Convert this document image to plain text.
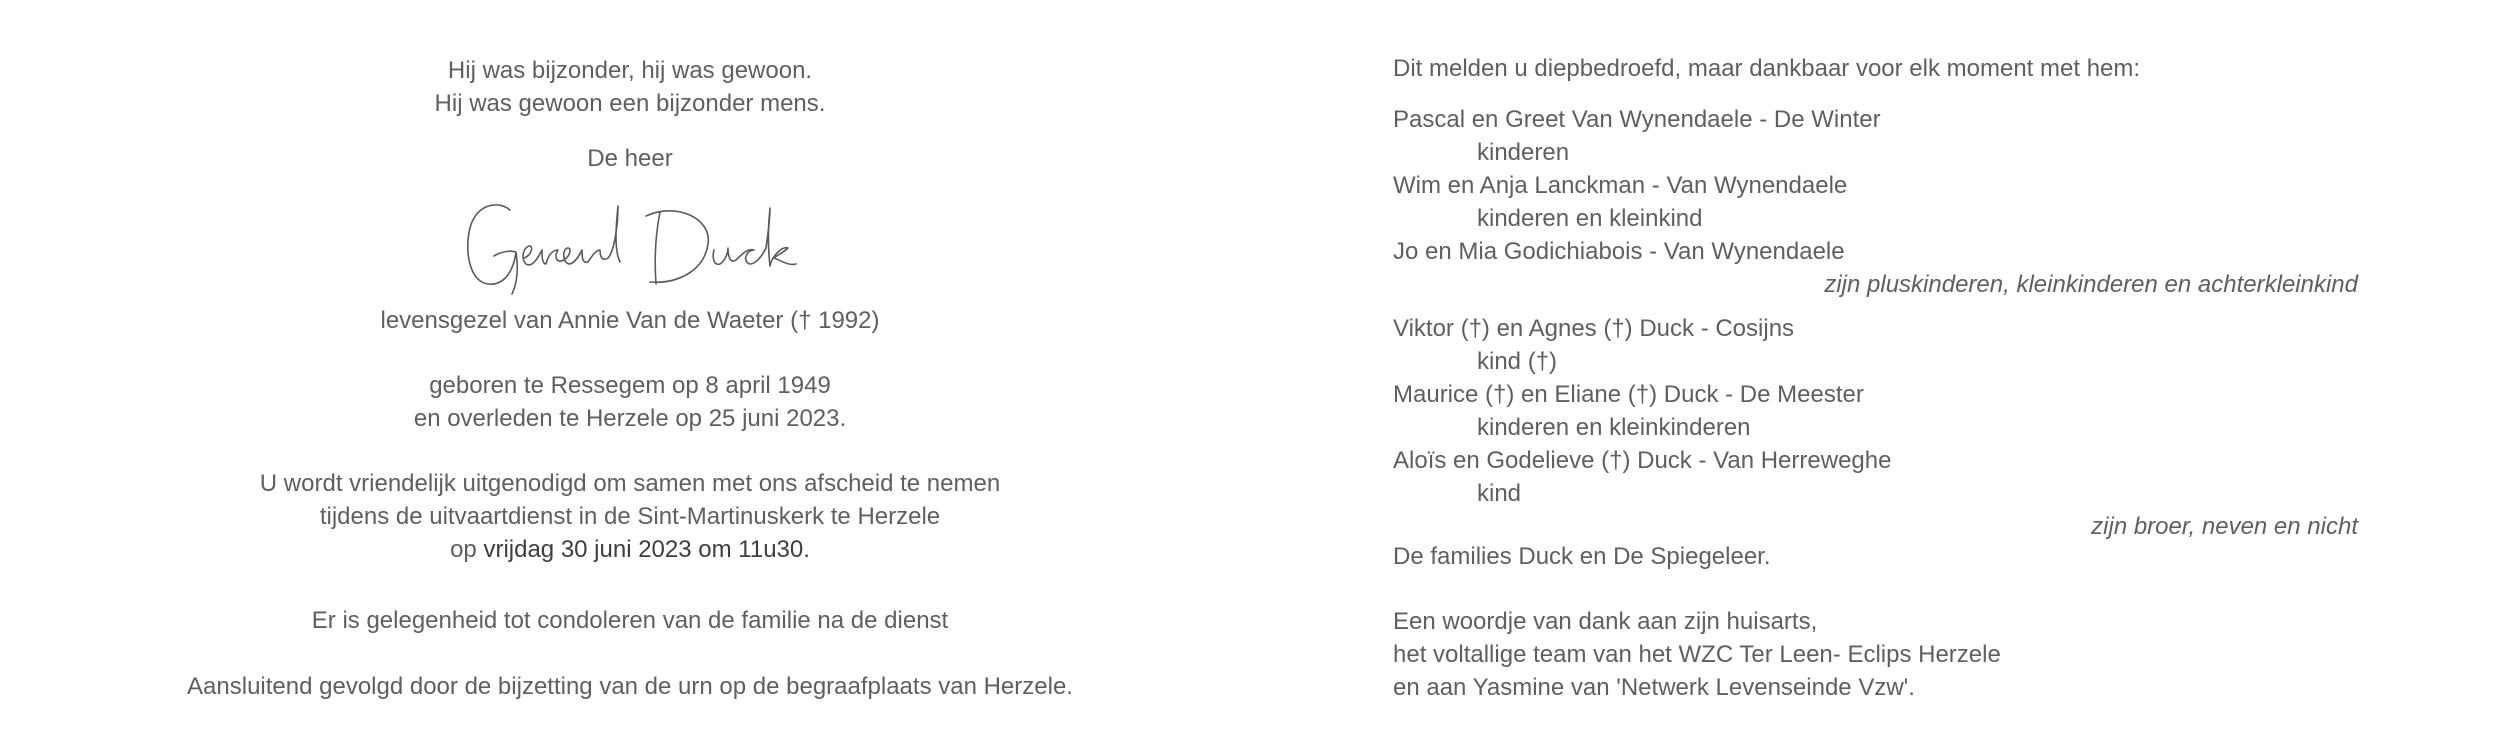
Hij was bijzonder, hij was gewoon.
Hij was gewoon een bijzonder mens.
De heer
levensgezel van Annie Van de Waeter († 1992)
geboren te Ressegem op 8 april 1949
en overleden te Herzele op 25 juni 2023.
U wordt vriendelijk uitgenodigd om samen met ons afscheid te nemen
tijdens de uitvaartdienst in de Sint-Martinuskerk te Herzele
op vrijdag 30 juni 2023 om 11u30.
Er is gelegenheid tot condoleren van de familie na de dienst
Aansluitend gevolgd door de bijzetting van de urn op de begraafplaats van Herzele.
Dit melden u diepbedroefd, maar dankbaar voor elk moment met hem:
Pascal en Greet Van Wynendaele - De Winter
kinderen
Wim en Anja Lanckman - Van Wynendaele
kinderen en kleinkind
Jo en Mia Godichiabois - Van Wynendaele
zijn pluskinderen, kleinkinderen en achterkleinkind
Viktor (†) en Agnes (†) Duck - Cosijns
kind (†)
Maurice (†) en Eliane (†) Duck - De Meester
kinderen en kleinkinderen
Aloïs en Godelieve (†) Duck - Van Herreweghe
kind
zijn broer, neven en nicht
De families Duck en De Spiegeleer.
Een woordje van dank aan zijn huisarts,
het voltallige team van het WZC Ter Leen- Eclips Herzele
en aan Yasmine van 'Netwerk Levenseinde Vzw'.
